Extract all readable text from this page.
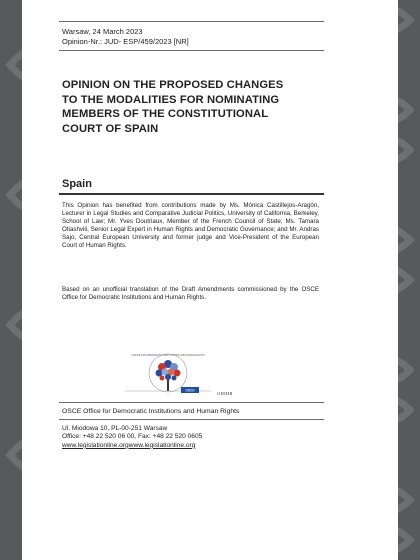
Warsaw, 24 March 2023
Opinion-Nr.: JUD- ESP/459/2023 [NR]
OPINION ON THE PROPOSED CHANGES
TO THE MODALITIES FOR NOMINATING
MEMBERS OF THE CONSTITUTIONAL
COURT OF SPAIN
Spain
This Opinion has benefited from contributions made by Ms. Mónica Castillejos-Aragón, Lecturer in Legal Studies and Comparative Judicial Politics, University of California, Berkeley, School of Law; Mr. Yves Doutriaux, Member of the French Council of State; Ms. Tamara Otiashvili, Senior Legal Expert in Human Rights and Democratic Governance; and Mr. Andras Sajo, Central European University and former judge and Vice-President of the European Court of Human Rights.
Based on an unofficial translation of the Draft Amendments commissioned by the OSCE Office for Democratic Institutions and Human Rights.
OFFICE FOR DEMOCRATIC INSTITUTIONS AND HUMAN RIGHTS
osce
ODIHR
OSCE Office for Democratic Institutions and Human Rights
Ul. Miodowa 10, PL-00-251 Warsaw
Office: +48 22 520 06 00, Fax: +48 22 520 0605
www.legislationline.orgwww.legislationline.org
